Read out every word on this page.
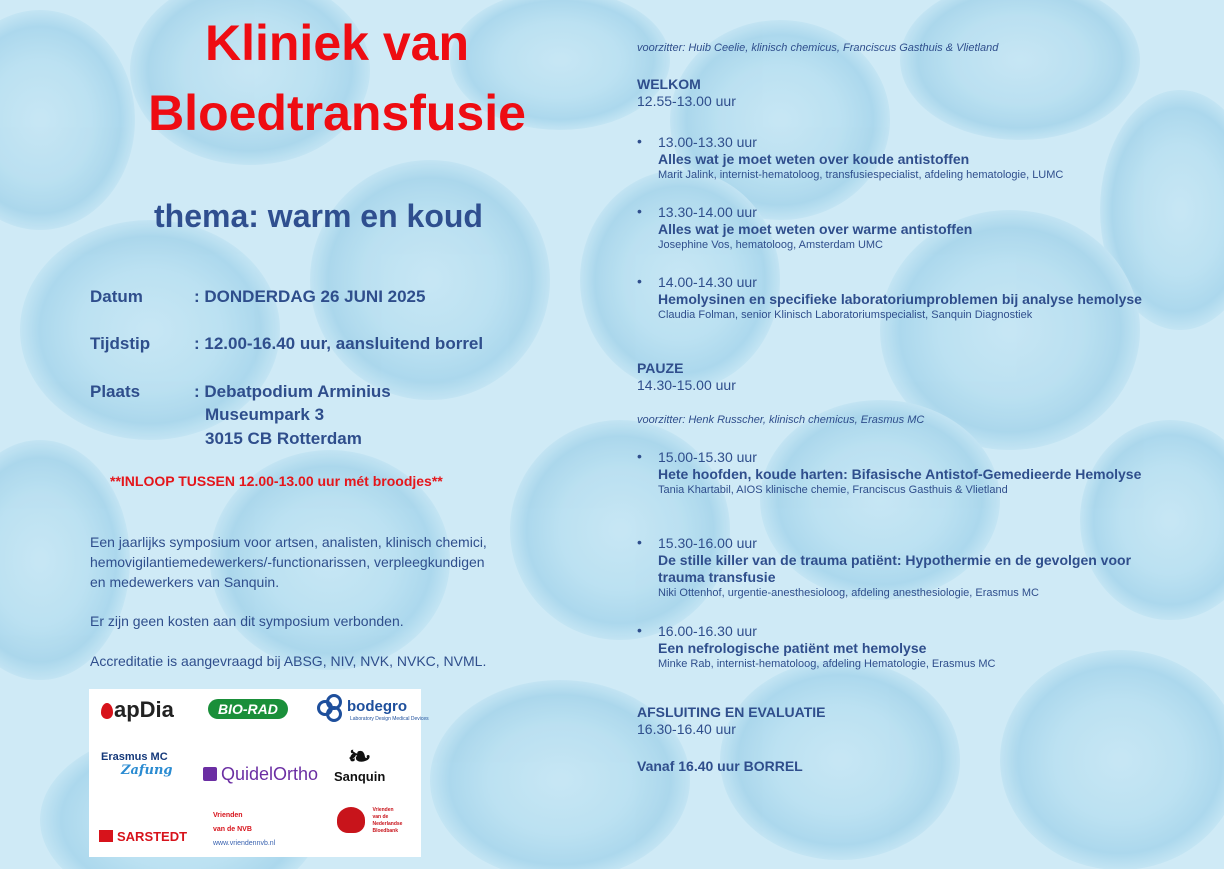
Kliniek van
Bloedtransfusie
thema: warm en koud
Datum	: DONDERDAG 26 JUNI 2025
Tijdstip	: 12.00-16.40 uur, aansluitend borrel
Plaats	: Debatpodium Arminius
Museumpark 3
3015 CB Rotterdam
**INLOOP TUSSEN 12.00-13.00 uur mét broodjes**
Een jaarlijks symposium voor artsen, analisten, klinisch chemici,
hemovigilantiemedewerkers/-functionarissen, verpleegkundigen
en medewerkers van Sanquin.
Er zijn geen kosten aan dit symposium verbonden.
Accreditatie is aangevraagd bij ABSG, NIV, NVK, NVKC, NVML.
apDia	BIO-RAD	bodegro
Laboratory Design Medical Devices
Erasmus MC
Zafung	QuidelOrtho
❧
Sanquin
SARSTEDT
Vrienden
van de NVB
www.vriendennvb.nl
Vrienden
van de
Nederlandse
Bloedbank
voorzitter: Huib Ceelie, klinisch chemicus, Franciscus Gasthuis & Vlietland
WELKOM
12.55-13.00 uur
• 13.00-13.30 uur
Alles wat je moet weten over koude antistoffen
Marit Jalink, internist-hematoloog, transfusiespecialist, afdeling hematologie, LUMC
• 13.30-14.00 uur
Alles wat je moet weten over warme antistoffen
Josephine Vos, hematoloog, Amsterdam UMC
• 14.00-14.30 uur
Hemolysinen en specifieke laboratoriumproblemen bij analyse hemolyse
Claudia Folman, senior Klinisch Laboratoriumspecialist, Sanquin Diagnostiek
PAUZE
14.30-15.00 uur
voorzitter: Henk Russcher, klinisch chemicus, Erasmus MC
• 15.00-15.30 uur
Hete hoofden, koude harten: Bifasische Antistof-Gemedieerde Hemolyse
Tania Khartabil, AIOS klinische chemie, Franciscus Gasthuis & Vlietland
• 15.30-16.00 uur
De stille killer van de trauma patiënt: Hypothermie en de gevolgen voor trauma transfusie
Niki Ottenhof, urgentie-anesthesioloog, afdeling anesthesiologie, Erasmus MC
• 16.00-16.30 uur
Een nefrologische patiënt met hemolyse
Minke Rab, internist-hematoloog, afdeling Hematologie, Erasmus MC
AFSLUITING EN EVALUATIE
16.30-16.40 uur
Vanaf 16.40 uur BORREL
